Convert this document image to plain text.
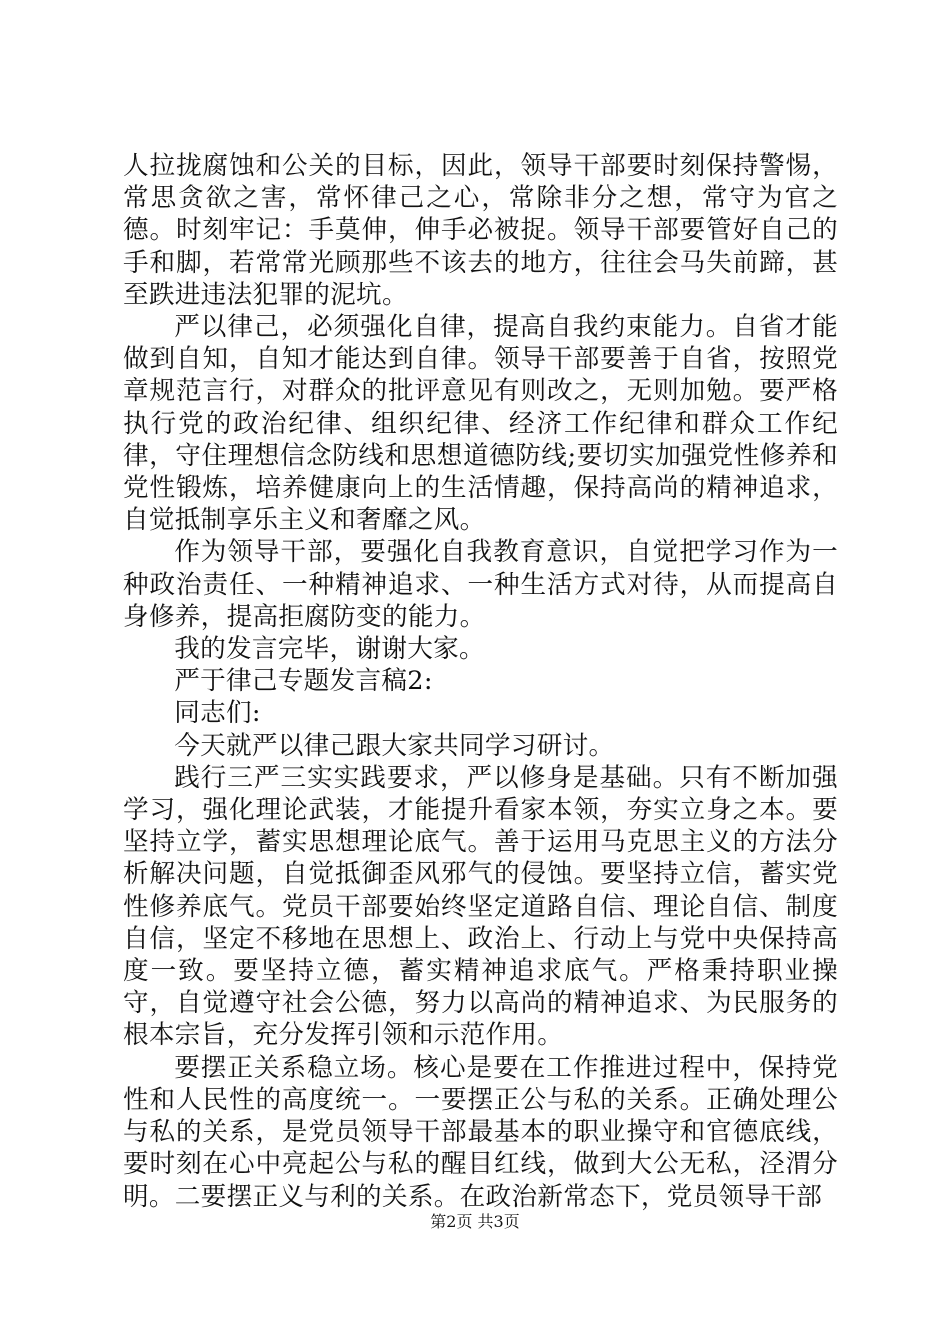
人拉拢腐蚀和公关的目标，因此，领导干部要时刻保持警惕，常思贪欲之害，常怀律己之心，常除非分之想，常守为官之德。时刻牢记：手莫伸，伸手必被捉。领导干部要管好自己的手和脚，若常常光顾那些不该去的地方，往往会马失前蹄，甚至跌进违法犯罪的泥坑。

严以律己，必须强化自律，提高自我约束能力。自省才能做到自知，自知才能达到自律。领导干部要善于自省，按照党章规范言行，对群众的批评意见有则改之，无则加勉。要严格执行党的政治纪律、组织纪律、经济工作纪律和群众工作纪律，守住理想信念防线和思想道德防线;要切实加强党性修养和党性锻炼，培养健康向上的生活情趣，保持高尚的精神追求，自觉抵制享乐主义和奢靡之风。

作为领导干部，要强化自我教育意识，自觉把学习作为一种政治责任、一种精神追求、一种生活方式对待，从而提高自身修养，提高拒腐防变的能力。

我的发言完毕，谢谢大家。

严于律己专题发言稿2:

同志们:

今天就严以律己跟大家共同学习研讨。

践行三严三实实践要求，严以修身是基础。只有不断加强学习，强化理论武装，才能提升看家本领，夯实立身之本。要坚持立学，蓄实思想理论底气。善于运用马克思主义的方法分析解决问题，自觉抵御歪风邪气的侵蚀。要坚持立信，蓄实党性修养底气。党员干部要始终坚定道路自信、理论自信、制度自信，坚定不移地在思想上、政治上、行动上与党中央保持高度一致。要坚持立德，蓄实精神追求底气。严格秉持职业操守，自觉遵守社会公德，努力以高尚的精神追求、为民服务的根本宗旨，充分发挥引领和示范作用。

要摆正关系稳立场。核心是要在工作推进过程中，保持党性和人民性的高度统一。一要摆正公与私的关系。正确处理公与私的关系，是党员领导干部最基本的职业操守和官德底线，要时刻在心中亮起公与私的醒目红线，做到大公无私，泾渭分明。二要摆正义与利的关系。在政治新常态下，党员领导干部

第2页 共3页
